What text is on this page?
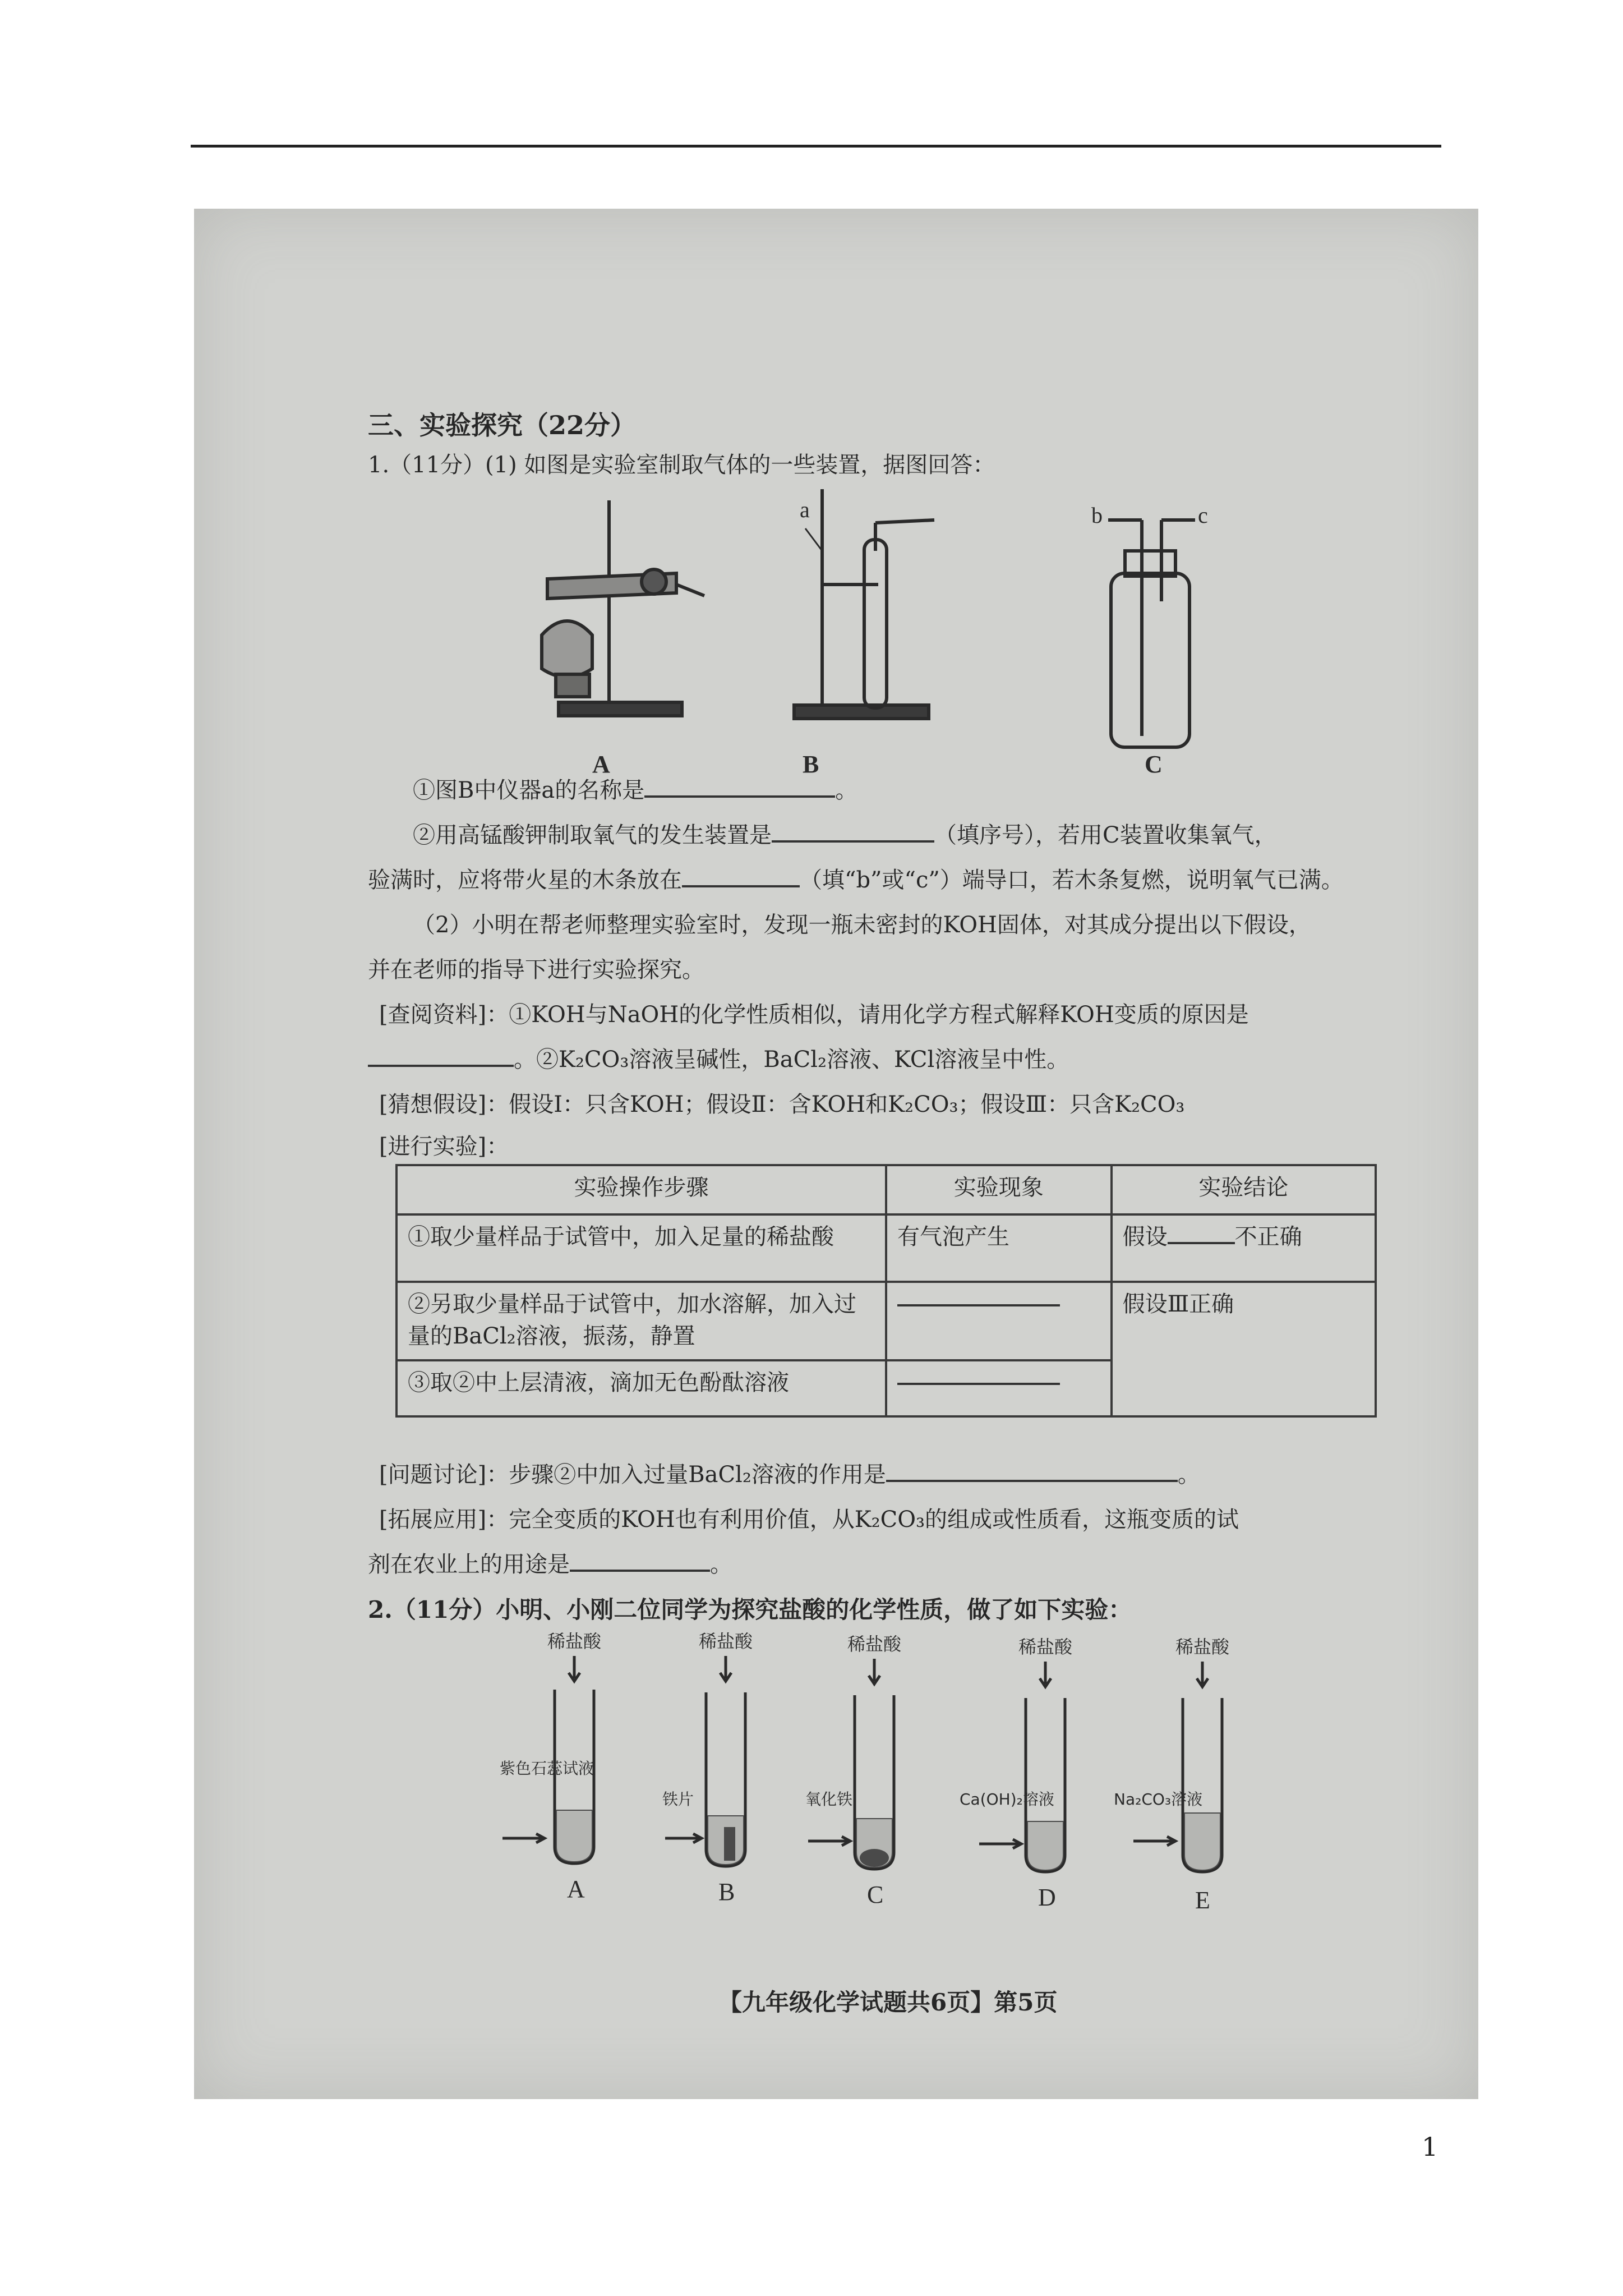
三、实验探究（22分）
1.（11分）(1) 如图是实验室制取气体的一些装置，据图回答：
a	b	c
A	B	C
①图B中仪器a的名称是	。
②用高锰酸钾制取氧气的发生装置是	（填序号），若用C装置收集氧气，
验满时，应将带火星的木条放在	（填“b”或“c”）端导口，若木条复燃，说明氧气已满。
（2）小明在帮老师整理实验室时，发现一瓶未密封的KOH固体，对其成分提出以下假设，
并在老师的指导下进行实验探究。
[查阅资料]：①KOH与NaOH的化学性质相似，请用化学方程式解释KOH变质的原因是
。②K₂CO₃溶液呈碱性，BaCl₂溶液、KCl溶液呈中性。
[猜想假设]：假设Ⅰ：只含KOH；假设Ⅱ：含KOH和K₂CO₃；假设Ⅲ：只含K₂CO₃
[进行实验]：
[问题讨论]：步骤②中加入过量BaCl₂溶液的作用是	。
[拓展应用]：完全变质的KOH也有利用价值，从K₂CO₃的组成或性质看，这瓶变质的试
剂在农业上的用途是	。
2.（11分）小明、小刚二位同学为探究盐酸的化学性质，做了如下实验：
稀盐酸	稀盐酸	稀盐酸	稀盐酸	稀盐酸
紫色石蕊试液
铁片	氧化铁	Ca(OH)₂溶液	Na₂CO₃溶液
A	B	C	D	E
【九年级化学试题共6页】第5页
实验操作步骤	实验现象	实验结论
①取少量样品于试管中，加入足量的稀盐酸	有气泡产生	假设 不正确
②另取少量样品于试管中，加水溶解，加入过量的BaCl₂溶液，振荡，静置		假设Ⅲ正确
③取②中上层清液，滴加无色酚酞溶液		
1
